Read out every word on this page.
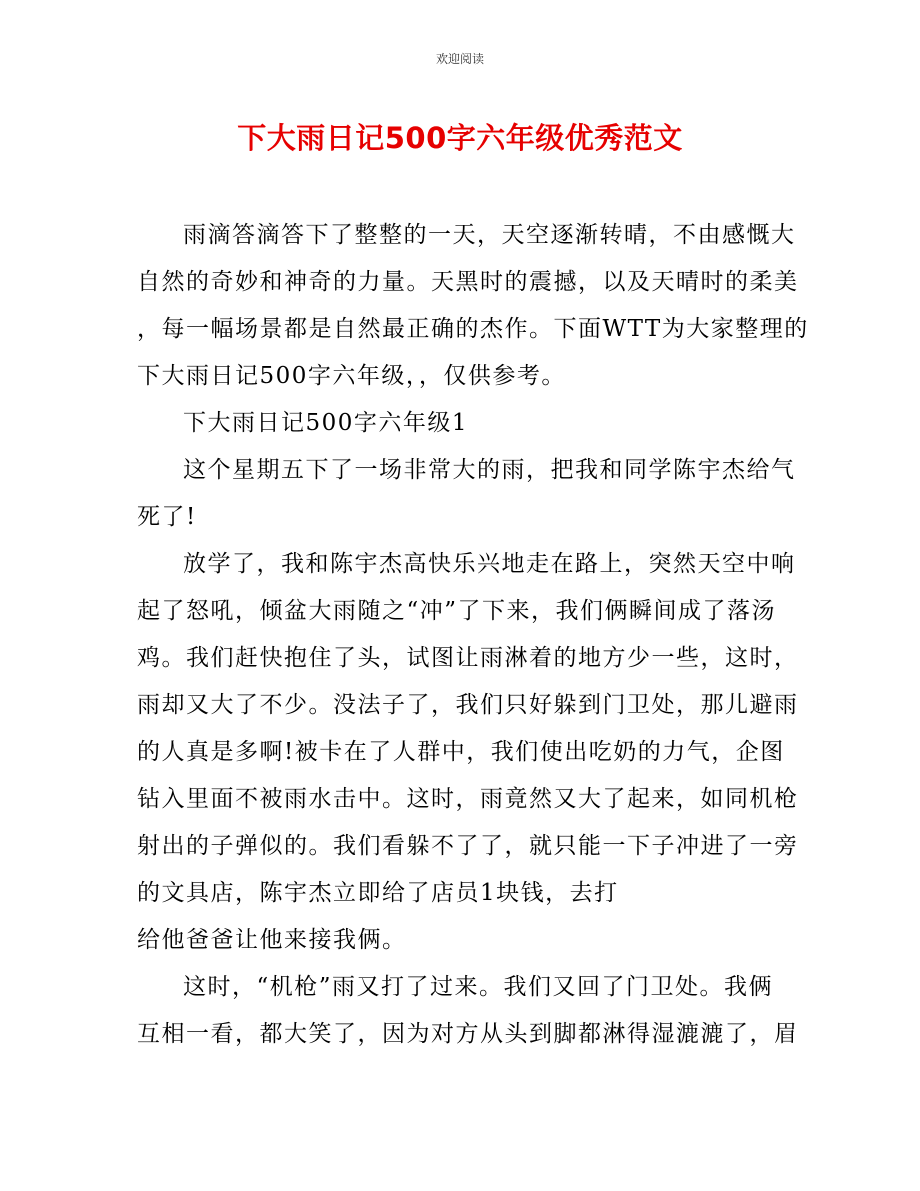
欢迎阅读
下大雨日记500字六年级优秀范文
雨滴答滴答下了整整的一天，天空逐渐转晴，不由感慨大
自然的奇妙和神奇的力量。天黑时的震撼，以及天晴时的柔美
，每一幅场景都是自然最正确的杰作。下面WTT为大家整理的
下大雨日记500字六年级，，仅供参考。
下大雨日记500字六年级1
这个星期五下了一场非常大的雨，把我和同学陈宇杰给气
死了!
放学了，我和陈宇杰高快乐兴地走在路上，突然天空中响
起了怒吼，倾盆大雨随之“冲”了下来，我们俩瞬间成了落汤
鸡。我们赶快抱住了头，试图让雨淋着的地方少一些，这时，
雨却又大了不少。没法子了，我们只好躲到门卫处，那儿避雨
的人真是多啊!被卡在了人群中，我们使出吃奶的力气，企图
钻入里面不被雨水击中。这时，雨竟然又大了起来，如同机枪
射出的子弹似的。我们看躲不了了，就只能一下子冲进了一旁
的文具店，陈宇杰立即给了店员1块钱，去打
给他爸爸让他来接我俩。
这时，“机枪”雨又打了过来。我们又回了门卫处。我俩
互相一看，都大笑了，因为对方从头到脚都淋得湿漉漉了，眉
